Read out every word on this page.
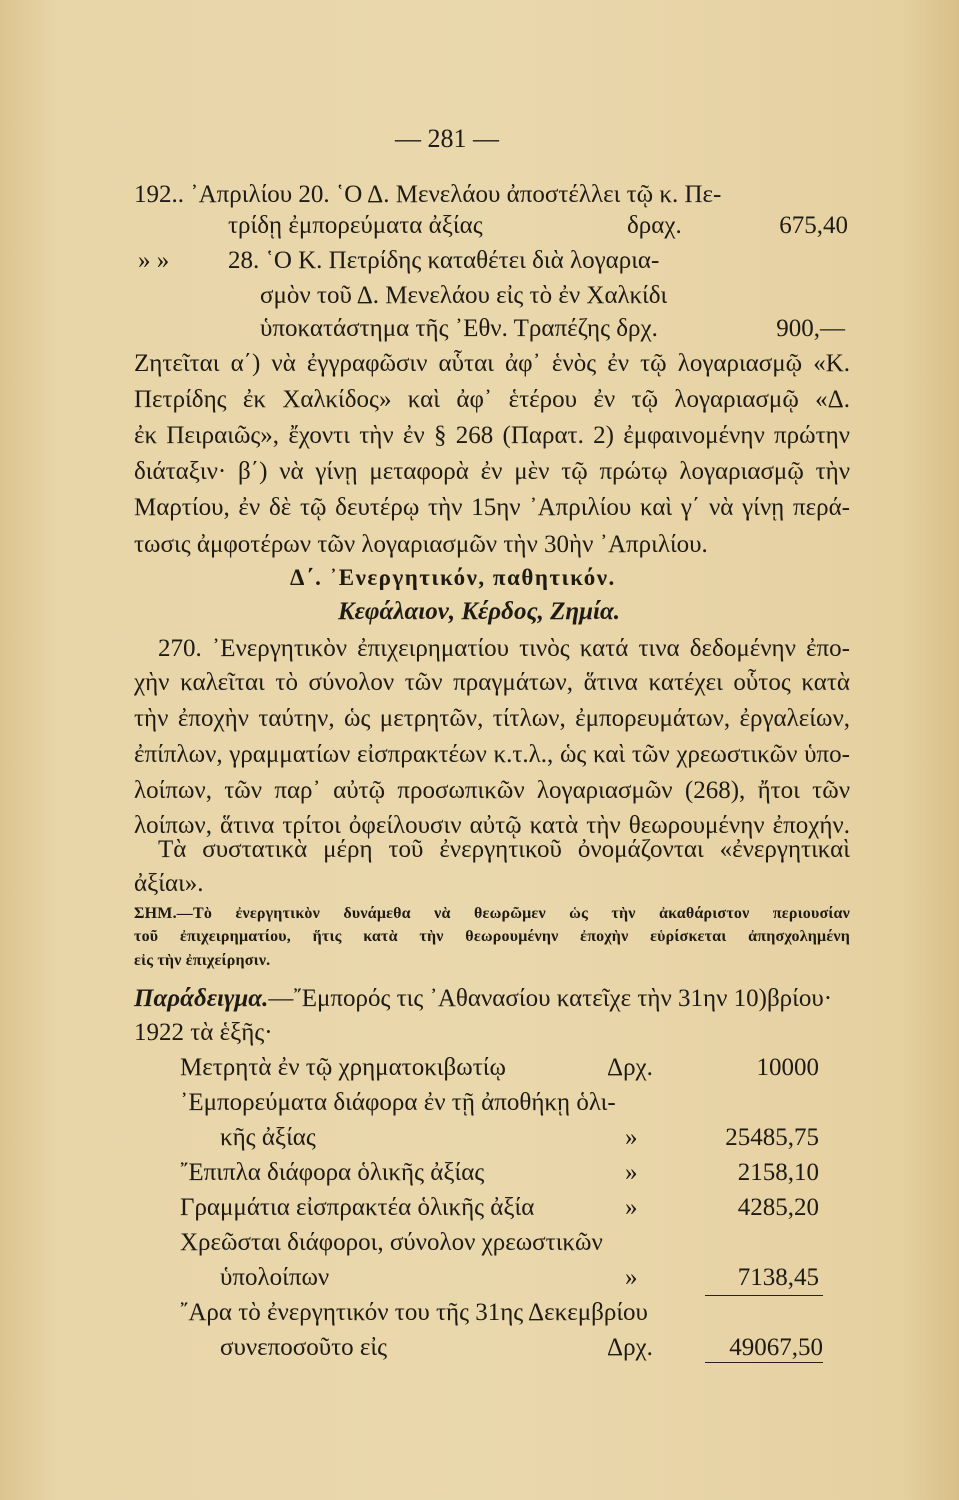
— 281 —
192.. ᾿Απριλίου 20. ῾Ο Δ. Μενελάου ἀποστέλλει τῷ κ. Πε-
τρίδῃ ἐμπορεύματα ἀξίας	δραχ.	675,40
» » 28. ῾Ο Κ. Πετρίδης καταθέτει διὰ λογαρια-
σμὸν τοῦ Δ. Μενελάου εἰς τὸ ἐν Χαλκίδι
ὑποκατάστημα τῆς ᾿Εθν. Τραπέζης δρχ.	900,—
Ζητεῖται α΄) νὰ ἐγγραφῶσιν αὗται ἀφ᾿ ἑνὸς ἐν τῷ λογαριασμῷ «Κ.
Πετρίδης ἐκ Χαλκίδος» καὶ ἀφ᾿ ἑτέρου ἐν τῷ λογαριασμῷ «Δ.
ἐκ Πειραιῶς», ἔχοντι τὴν ἐν § 268 (Παρατ. 2) ἐμφαινομένην πρώτην
διάταξιν· β΄) νὰ γίνῃ μεταφορὰ ἐν μὲν τῷ πρώτῳ λογαριασμῷ τὴν
Μαρτίου, ἐν δὲ τῷ δευτέρῳ τὴν 15ην ᾿Απριλίου καὶ γ΄ νὰ γίνῃ περά-
τωσις ἀμφοτέρων τῶν λογαριασμῶν τὴν 30ὴν ᾿Απριλίου.
Δ΄. ᾿Ενεργητικόν, παθητικόν.
Κεφάλαιον, Κέρδος, Ζημία.
270. ᾿Ενεργητικὸν ἐπιχειρηματίου τινὸς κατά τινα δεδομένην ἐπο-
χὴν καλεῖται τὸ σύνολον τῶν πραγμάτων, ἅτινα κατέχει οὗτος κατὰ
τὴν ἐποχὴν ταύτην, ὡς μετρητῶν, τίτλων, ἐμπορευμάτων, ἐργαλείων,
ἐπίπλων, γραμματίων εἰσπρακτέων κ.τ.λ., ὡς καὶ τῶν χρεωστικῶν ὑπο-
λοίπων, τῶν παρ᾿ αὐτῷ προσωπικῶν λογαριασμῶν (268), ἤτοι τῶν
λοίπων, ἅτινα τρίτοι ὀφείλουσιν αὐτῷ κατὰ τὴν θεωρουμένην ἐποχήν.
Τὰ συστατικὰ μέρη τοῦ ἐνεργητικοῦ ὀνομάζονται «ἐνεργητικαὶ
ἀξίαι».
ΣΗΜ.—Τὸ ἐνεργητικὸν δυνάμεθα νὰ θεωρῶμεν ὡς τὴν ἀκαθάριστον περιουσίαν
τοῦ ἐπιχειρηματίου, ἥτις κατὰ τὴν θεωρουμένην ἐποχὴν εὑρίσκεται ἀπησχολημένη
εἰς τὴν ἐπιχείρησιν.
Παράδειγμα.—῎Εμπορός τις ᾿Αθανασίου κατεῖχε τὴν 31ην 10)βρίου·
1922 τὰ ἑξῆς·
Μετρητὰ ἐν τῷ χρηματοκιβωτίῳ	Δρχ.	10000
᾿Εμπορεύματα διάφορα ἐν τῇ ἀποθήκῃ ὁλι-
κῆς ἀξίας	»	25485,75
῎Επιπλα διάφορα ὁλικῆς ἀξίας	»	2158,10
Γραμμάτια εἰσπρακτέα ὁλικῆς ἀξία	»	4285,20
Χρεῶσται διάφοροι, σύνολον χρεωστικῶν
ὑπολοίπων	»	7138,45
῎Αρα τὸ ἐνεργητικόν του τῆς 31ης Δεκεμβρίου
συνεποσοῦτο εἰς	Δρχ.	49067,50
